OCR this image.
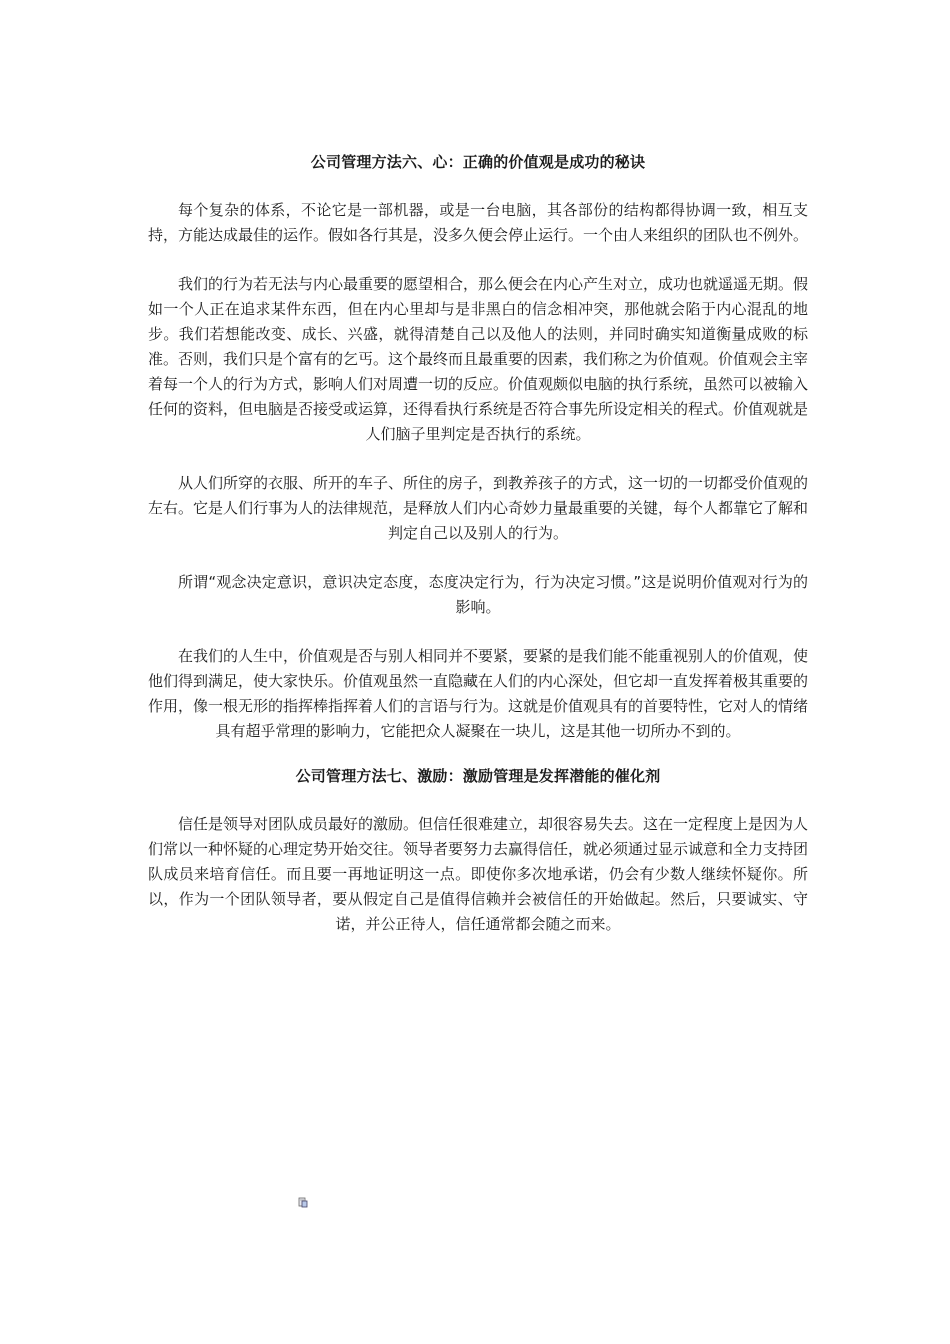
公司管理方法六、心：正确的价值观是成功的秘诀

每个复杂的体系，不论它是一部机器，或是一台电脑，其各部份的结构都得协调一致，相互支持，方能达成最佳的运作。假如各行其是，没多久便会停止运行。一个由人来组织的团队也不例外。

我们的行为若无法与内心最重要的愿望相合，那么便会在内心产生对立，成功也就遥遥无期。假如一个人正在追求某件东西，但在内心里却与是非黑白的信念相冲突，那他就会陷于内心混乱的地步。我们若想能改变、成长、兴盛，就得清楚自己以及他人的法则，并同时确实知道衡量成败的标准。否则，我们只是个富有的乞丐。这个最终而且最重要的因素，我们称之为价值观。价值观会主宰着每一个人的行为方式，影响人们对周遭一切的反应。价值观颇似电脑的执行系统，虽然可以被输入任何的资料，但电脑是否接受或运算，还得看执行系统是否符合事先所设定相关的程式。价值观就是人们脑子里判定是否执行的系统。

从人们所穿的衣服、所开的车子、所住的房子，到教养孩子的方式，这一切的一切都受价值观的左右。它是人们行事为人的法律规范，是释放人们内心奇妙力量最重要的关键，每个人都靠它了解和判定自己以及别人的行为。

所谓“观念决定意识，意识决定态度，态度决定行为，行为决定习惯。”这是说明价值观对行为的影响。

在我们的人生中，价值观是否与别人相同并不要紧，要紧的是我们能不能重视别人的价值观，使他们得到满足，使大家快乐。价值观虽然一直隐藏在人们的内心深处，但它却一直发挥着极其重要的作用，像一根无形的指挥棒指挥着人们的言语与行为。这就是价值观具有的首要特性，它对人的情绪具有超乎常理的影响力，它能把众人凝聚在一块儿，这是其他一切所办不到的。

公司管理方法七、激励：激励管理是发挥潜能的催化剂

信任是领导对团队成员最好的激励。但信任很难建立，却很容易失去。这在一定程度上是因为人们常以一种怀疑的心理定势开始交往。领导者要努力去赢得信任，就必须通过显示诚意和全力支持团队成员来培育信任。而且要一再地证明这一点。即使你多次地承诺，仍会有少数人继续怀疑你。所以，作为一个团队领导者，要从假定自己是值得信赖并会被信任的开始做起。然后，只要诚实、守诺，并公正待人，信任通常都会随之而来。
